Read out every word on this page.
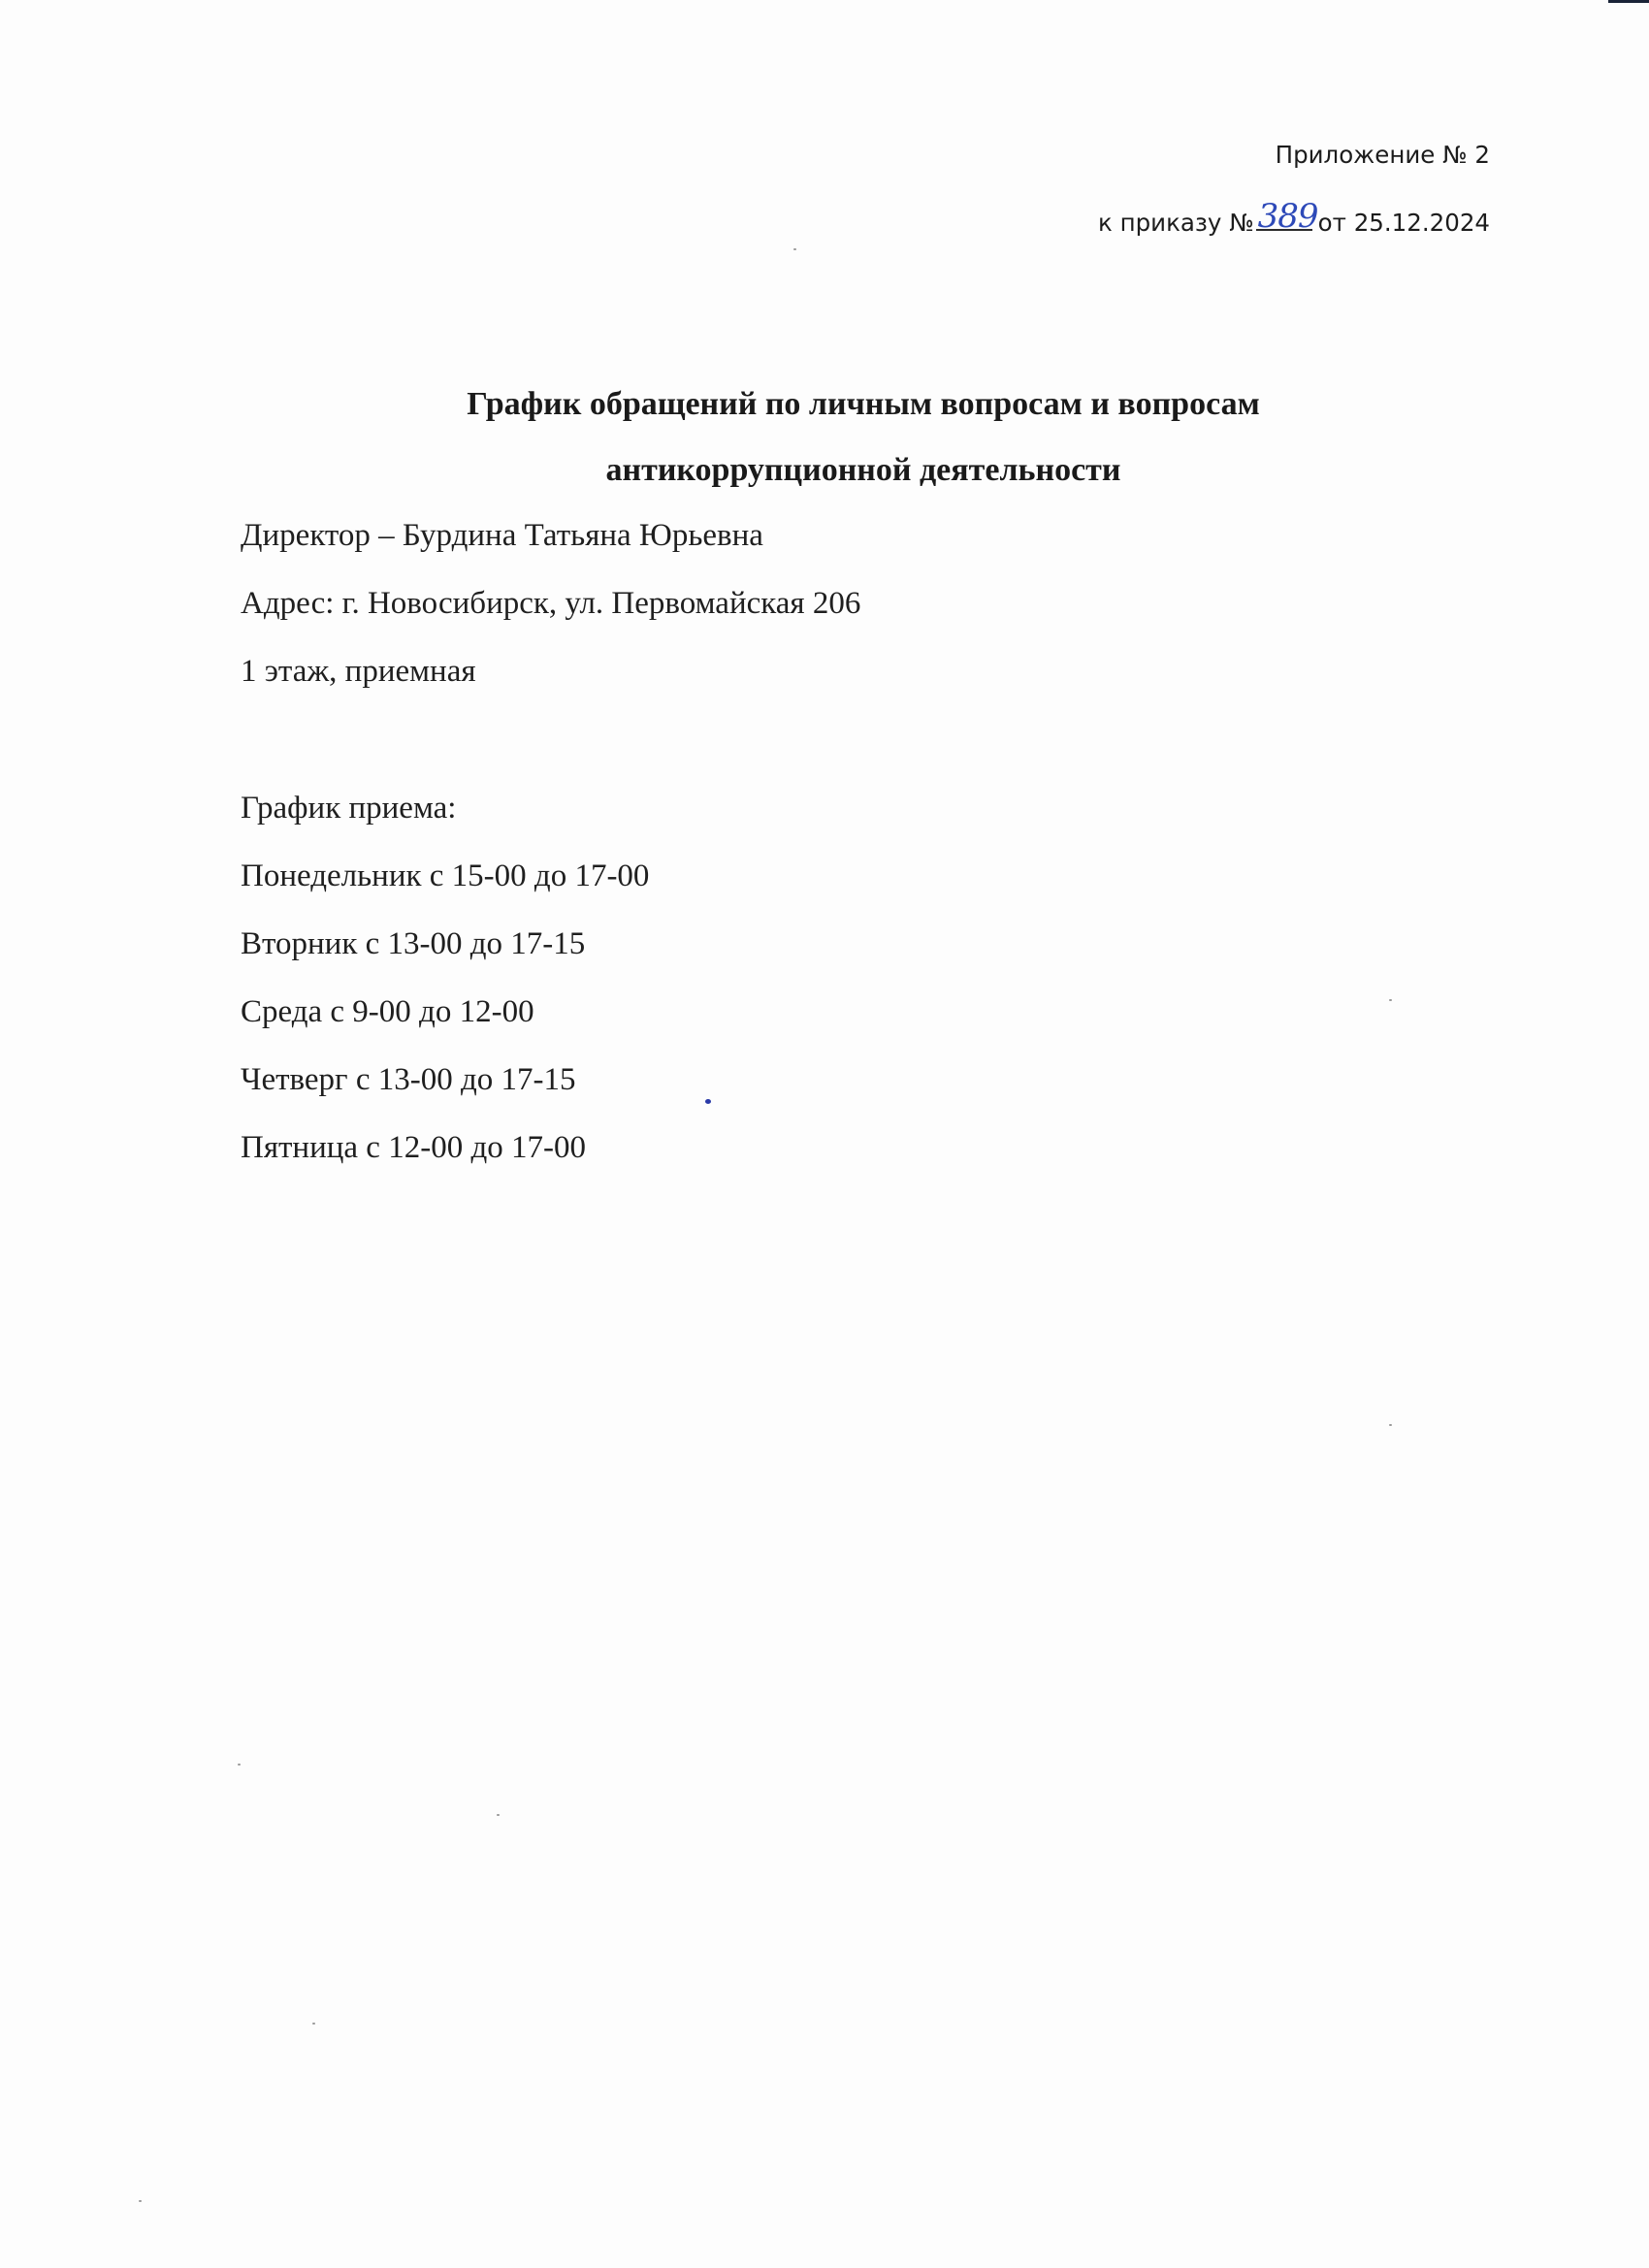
Приложение № 2
к приказу № 389 от 25.12.2024
График обращений по личным вопросам и вопросам
антикоррупционной деятельности
Директор – Бурдина Татьяна Юрьевна
Адрес: г. Новосибирск, ул. Первомайская 206
1 этаж, приемная
График приема:
Понедельник с 15-00 до 17-00
Вторник с 13-00 до 17-15
Среда с 9-00 до 12-00
Четверг с 13-00 до 17-15
Пятница с 12-00 до 17-00
